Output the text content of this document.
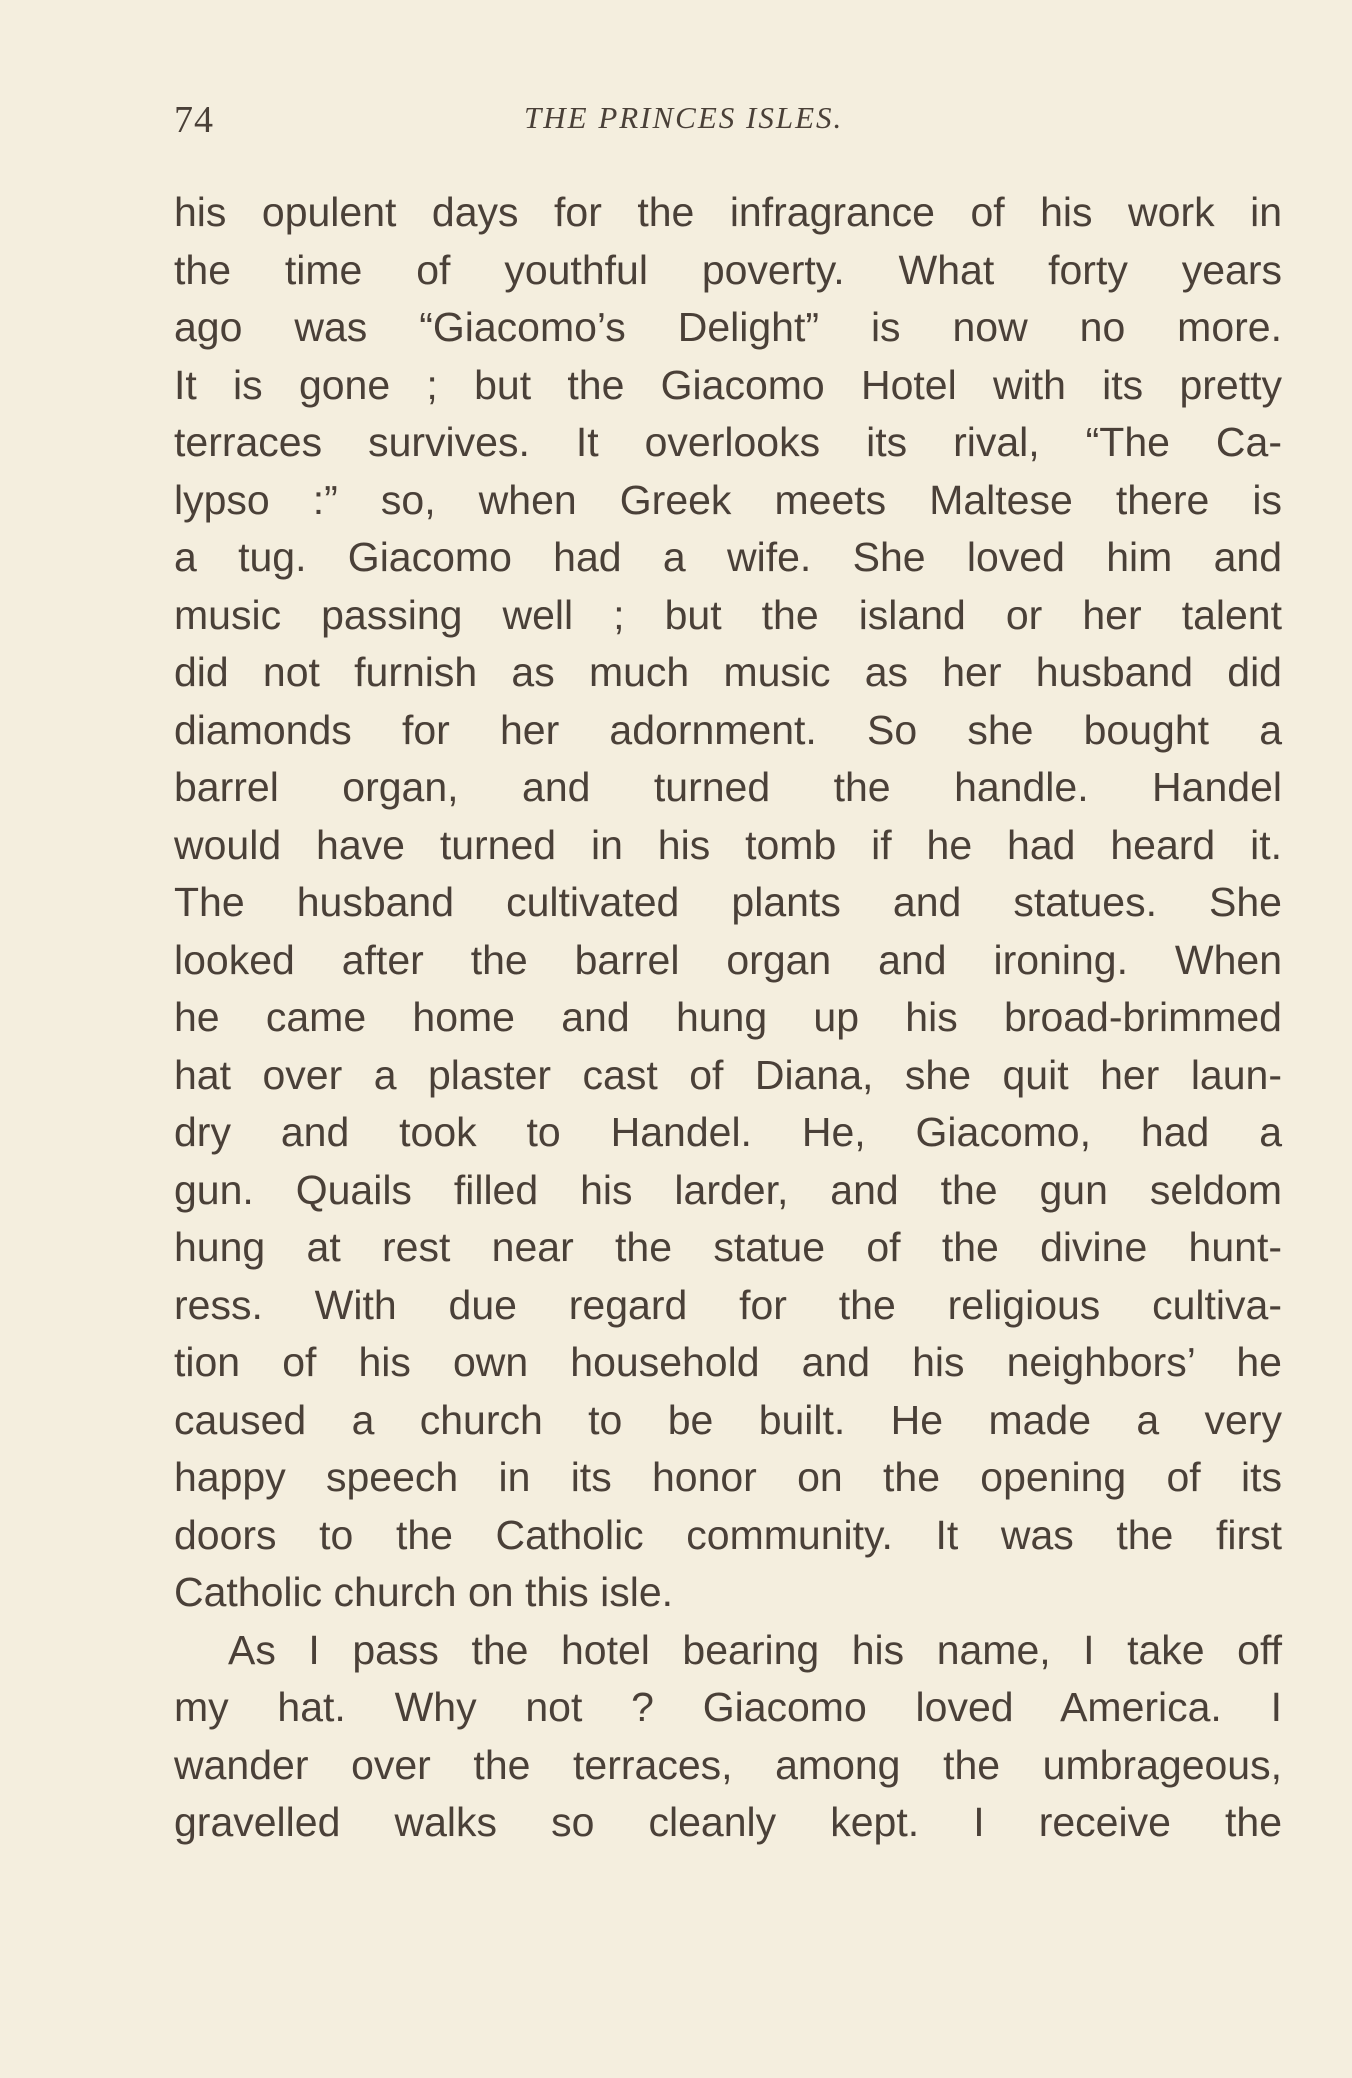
74	THE PRINCES ISLES.
his opulent days for the infragrance of his work in
the time of youthful poverty. What forty years
ago was “Giacomo’s Delight” is now no more.
It is gone ; but the Giacomo Hotel with its pretty
terraces survives. It overlooks its rival, “The Ca-
lypso :” so, when Greek meets Maltese there is
a tug. Giacomo had a wife. She loved him and
music passing well ; but the island or her talent
did not furnish as much music as her husband did
diamonds for her adornment. So she bought a
barrel organ, and turned the handle. Handel
would have turned in his tomb if he had heard it.
The husband cultivated plants and statues. She
looked after the barrel organ and ironing. When
he came home and hung up his broad-brimmed
hat over a plaster cast of Diana, she quit her laun-
dry and took to Handel. He, Giacomo, had a
gun. Quails filled his larder, and the gun seldom
hung at rest near the statue of the divine hunt-
ress. With due regard for the religious cultiva-
tion of his own household and his neighbors’ he
caused a church to be built. He made a very
happy speech in its honor on the opening of its
doors to the Catholic community. It was the first
Catholic church on this isle.
As I pass the hotel bearing his name, I take off
my hat. Why not ? Giacomo loved America. I
wander over the terraces, among the umbrageous,
gravelled walks so cleanly kept. I receive the
